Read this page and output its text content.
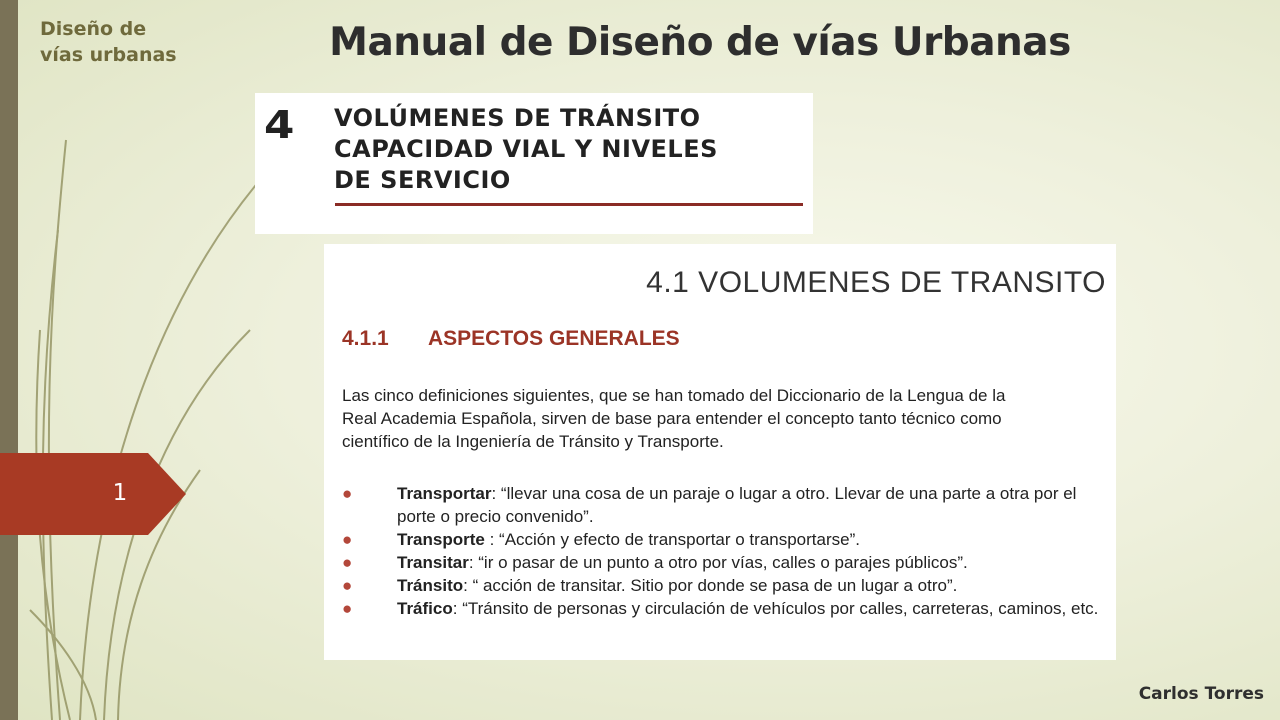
Diseño de
vías urbanas	Manual de Diseño de vías Urbanas
1
4 VOLÚMENES DE TRÁNSITO
CAPACIDAD VIAL Y NIVELES
DE SERVICIO
4.1 VOLUMENES DE TRANSITO
4.1.1 ASPECTOS GENERALES
Las cinco definiciones siguientes, que se han tomado del Diccionario de la Lengua de la
Real Academia Española, sirven de base para entender el concepto tanto técnico como
científico de la Ingeniería de Tránsito y Transporte.
●	Transportar: “llevar una cosa de un paraje o lugar a otro. Llevar de una parte a otra por el porte o precio convenido”.
●	Transporte : “Acción y efecto de transportar o transportarse”.
●	Transitar: “ir o pasar de un punto a otro por vías, calles o parajes públicos”.
●	Tránsito: “ acción de transitar. Sitio por donde se pasa de un lugar a otro”.
●	Tráfico: “Tránsito de personas y circulación de vehículos por calles, carreteras, caminos, etc.
Carlos Torres
